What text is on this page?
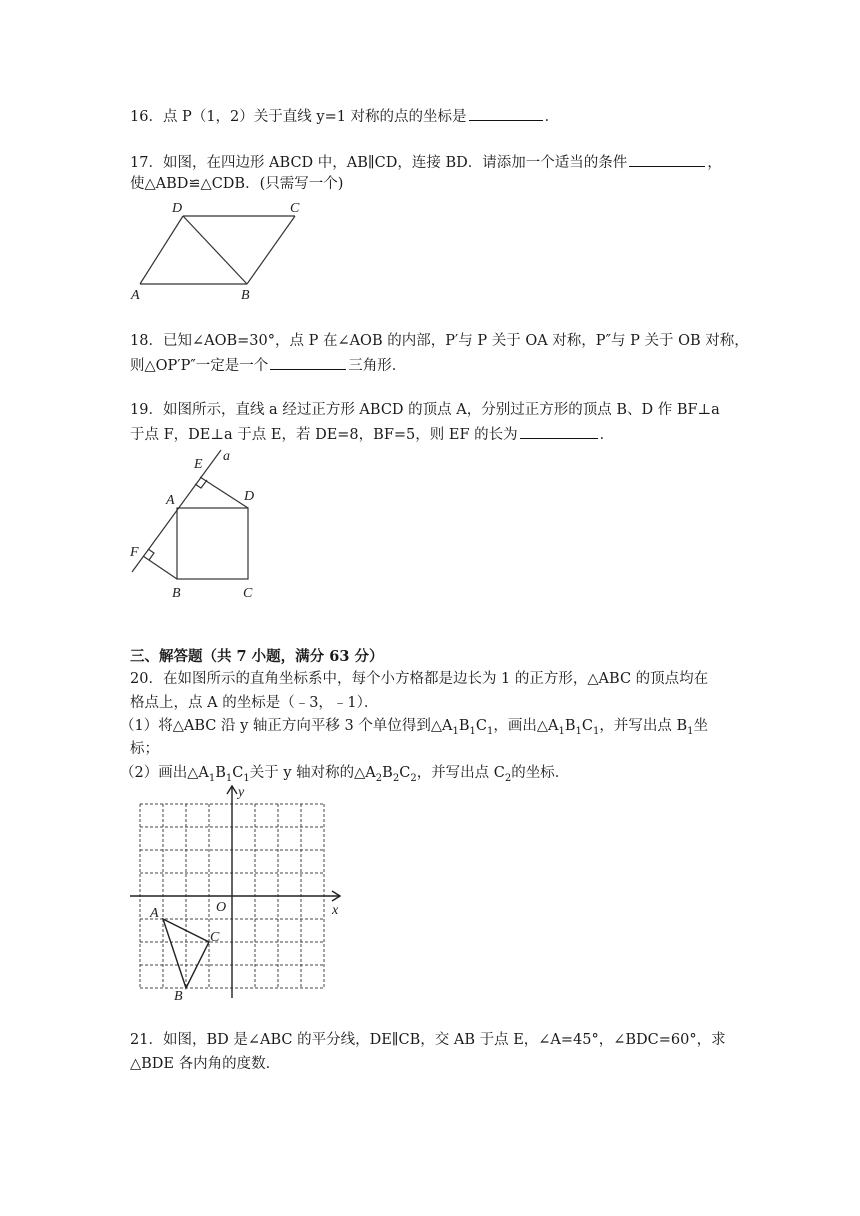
16．点 P（1，2）关于直线 y=1 对称的点的坐标是	．
17．如图，在四边形 ABCD 中，AB∥CD，连接 BD．请添加一个适当的条件	，
使△ABD≌△CDB．(只需写一个)
D	C
A	B
18．已知∠AOB=30°，点 P 在∠AOB 的内部，P′与 P 关于 OA 对称，P″与 P 关于 OB 对称，
则△OP′P″一定是一个	三角形．
19．如图所示，直线 a 经过正方形 ABCD 的顶点 A，分别过正方形的顶点 B、D 作 BF⊥a
于点 F，DE⊥a 于点 E，若 DE=8，BF=5，则 EF 的长为	．
E
a
A	D
F
B	C
三、解答题（共 7 小题，满分 63 分）
20．在如图所示的直角坐标系中，每个小方格都是边长为 1 的正方形，△ABC 的顶点均在
格点上，点 A 的坐标是（﹣3，﹣1）．
（1）将△ABC 沿 y 轴正方向平移 3 个单位得到$\triangle A_1B_1C_1$，画出$\triangle A_1B_1C_1$，并写出点 $B_1$坐
标；
（2）画出$\triangle A_1B_1C_1$关于 y 轴对称的$\triangle A_2B_2C_2$，并写出点 $C_2$的坐标．
y
x
O
A
B
C
21．如图，BD 是∠ABC 的平分线，DE∥CB，交 AB 于点 E，∠A=45°，∠BDC=60°，求
△BDE 各内角的度数．
